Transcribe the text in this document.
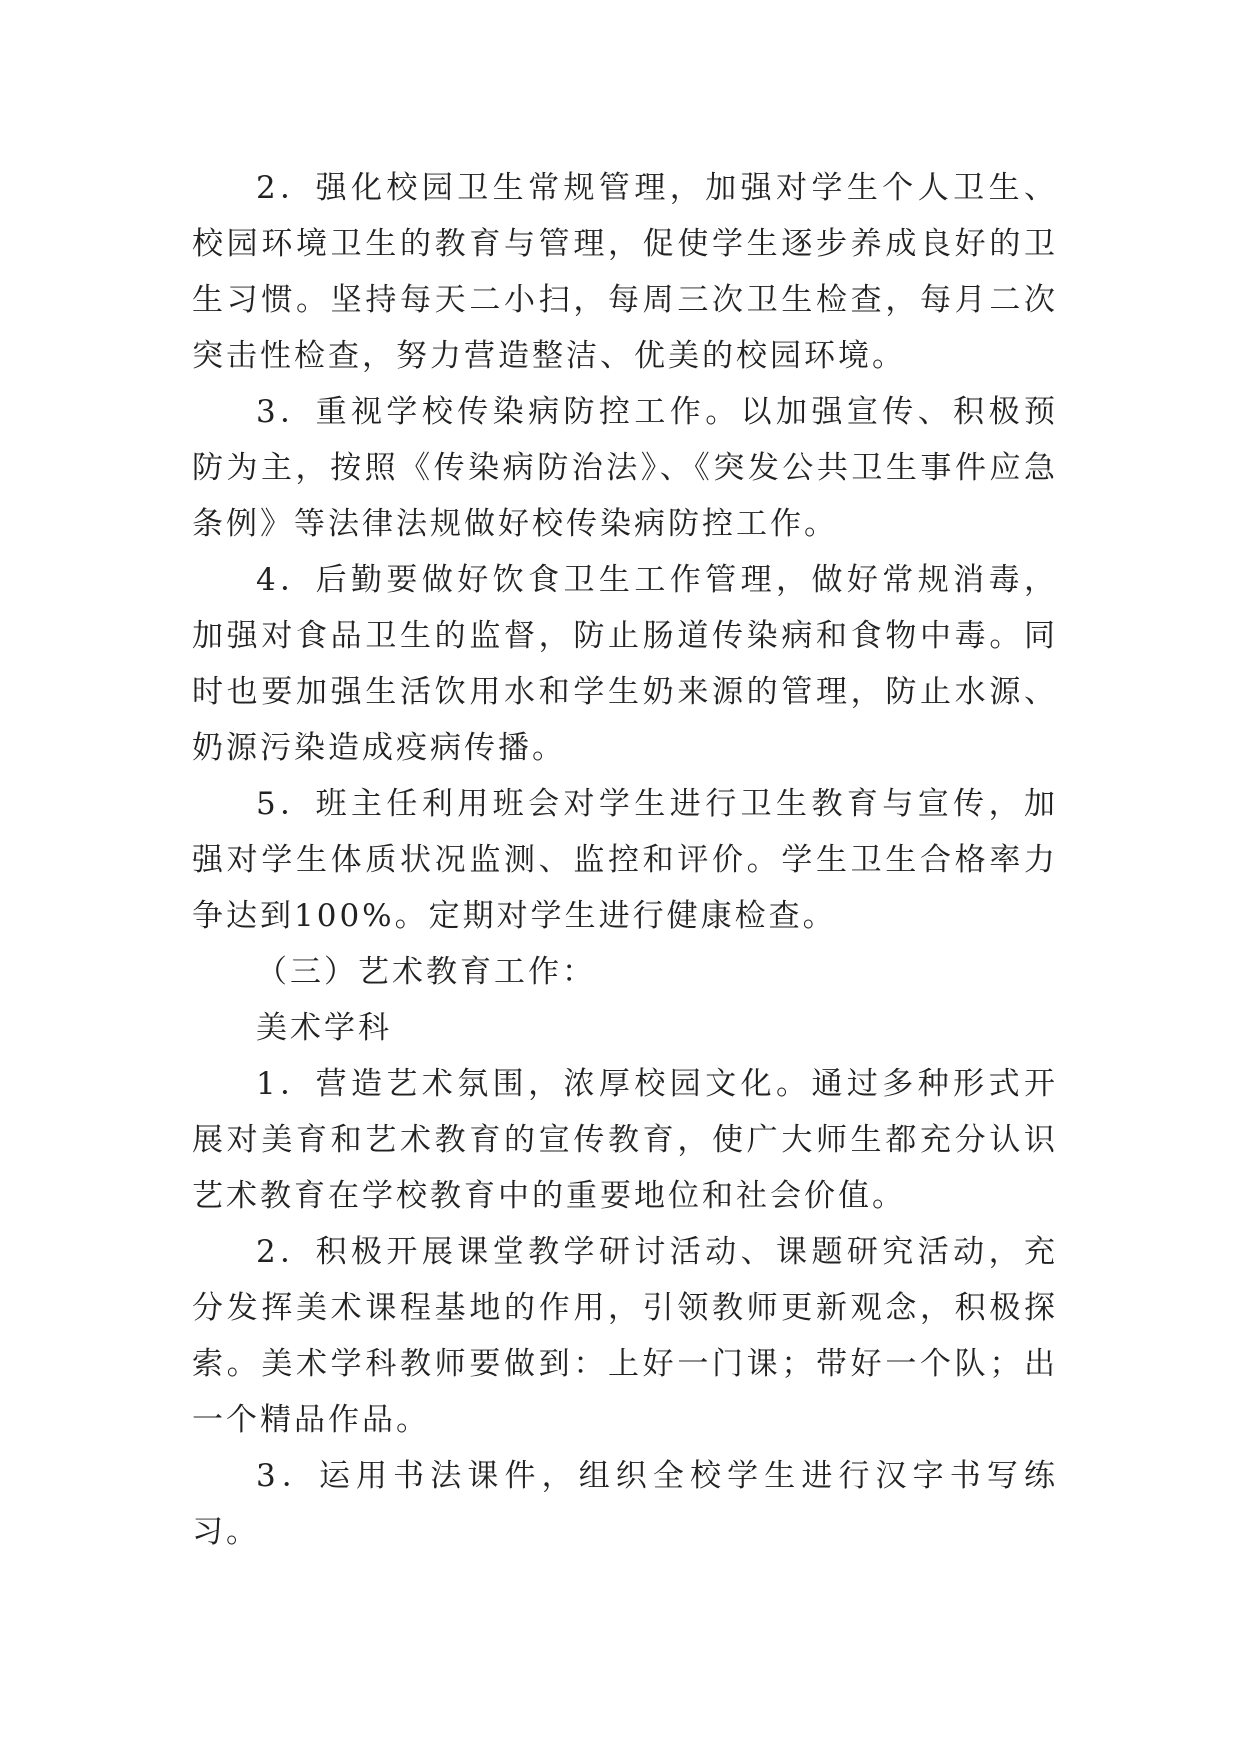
2．强化校园卫生常规管理，加强对学生个人卫生、校园环境卫生的教育与管理，促使学生逐步养成良好的卫生习惯。坚持每天二小扫，每周三次卫生检查，每月二次突击性检查，努力营造整洁、优美的校园环境。

3．重视学校传染病防控工作。以加强宣传、积极预防为主，按照《传染病防治法》、《突发公共卫生事件应急条例》等法律法规做好校传染病防控工作。

4．后勤要做好饮食卫生工作管理，做好常规消毒，加强对食品卫生的监督，防止肠道传染病和食物中毒。同时也要加强生活饮用水和学生奶来源的管理，防止水源、奶源污染造成疫病传播。

5．班主任利用班会对学生进行卫生教育与宣传，加强对学生体质状况监测、监控和评价。学生卫生合格率力争达到100%。定期对学生进行健康检查。

（三）艺术教育工作：

美术学科

1．营造艺术氛围，浓厚校园文化。通过多种形式开展对美育和艺术教育的宣传教育，使广大师生都充分认识艺术教育在学校教育中的重要地位和社会价值。

2．积极开展课堂教学研讨活动、课题研究活动，充分发挥美术课程基地的作用，引领教师更新观念，积极探索。美术学科教师要做到：上好一门课；带好一个队；出一个精品作品。

3．运用书法课件，组织全校学生进行汉字书写练习。
